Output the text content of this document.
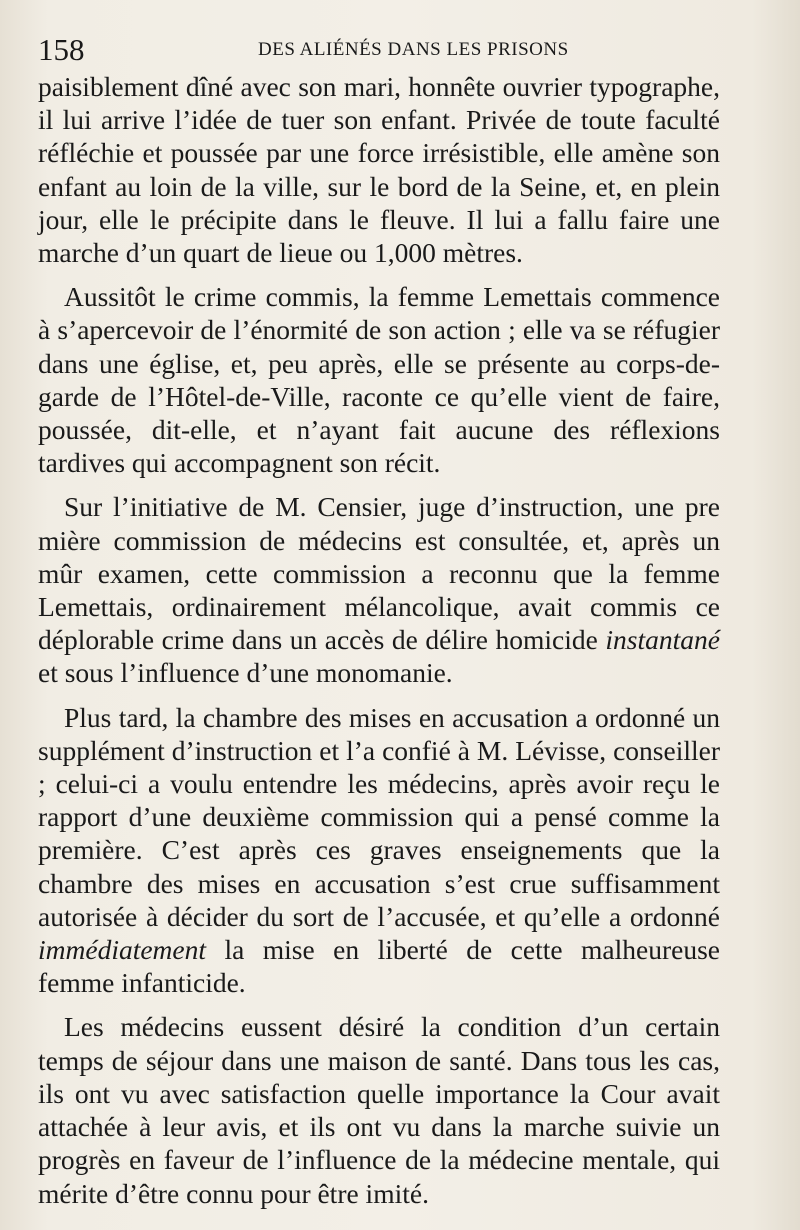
158	DES ALIÉNÉS DANS LES PRISONS

paisiblement dîné avec son mari, honnête ouvrier typographe, il lui arrive l’idée de tuer son enfant. Privée de toute faculté réfléchie et poussée par une force irrésistible, elle amène son enfant au loin de la ville, sur le bord de la Seine, et, en plein jour, elle le précipite dans le fleuve. Il lui a fallu faire une marche d’un quart de lieue ou 1,000 mètres.

Aussitôt le crime commis, la femme Lemettais commence à s’apercevoir de l’énormité de son action ; elle va se réfugier dans une église, et, peu après, elle se présente au corps-de-garde de l’Hôtel-de-Ville, raconte ce qu’elle vient de faire, poussée, dit-elle, et n’ayant fait aucune des réflexions tardives qui accompagnent son récit.

Sur l’initiative de M. Censier, juge d’instruction, une pre mière commission de médecins est consultée, et, après un mûr examen, cette commission a reconnu que la femme Lemettais, ordinairement mélancolique, avait commis ce déplorable crime dans un accès de délire homicide instantané et sous l’influence d’une monomanie.

Plus tard, la chambre des mises en accusation a ordonné un supplément d’instruction et l’a confié à M. Lévisse, conseiller ; celui-ci a voulu entendre les médecins, après avoir reçu le rapport d’une deuxième commission qui a pensé comme la première. C’est après ces graves enseignements que la chambre des mises en accusation s’est crue suffisamment autorisée à décider du sort de l’accusée, et qu’elle a ordonné immédiatement la mise en liberté de cette malheureuse femme infanticide.

Les médecins eussent désiré la condition d’un certain temps de séjour dans une maison de santé. Dans tous les cas, ils ont vu avec satisfaction quelle importance la Cour avait attachée à leur avis, et ils ont vu dans la marche suivie un progrès en faveur de l’influence de la médecine mentale, qui mérite d’être connu pour être imité.
